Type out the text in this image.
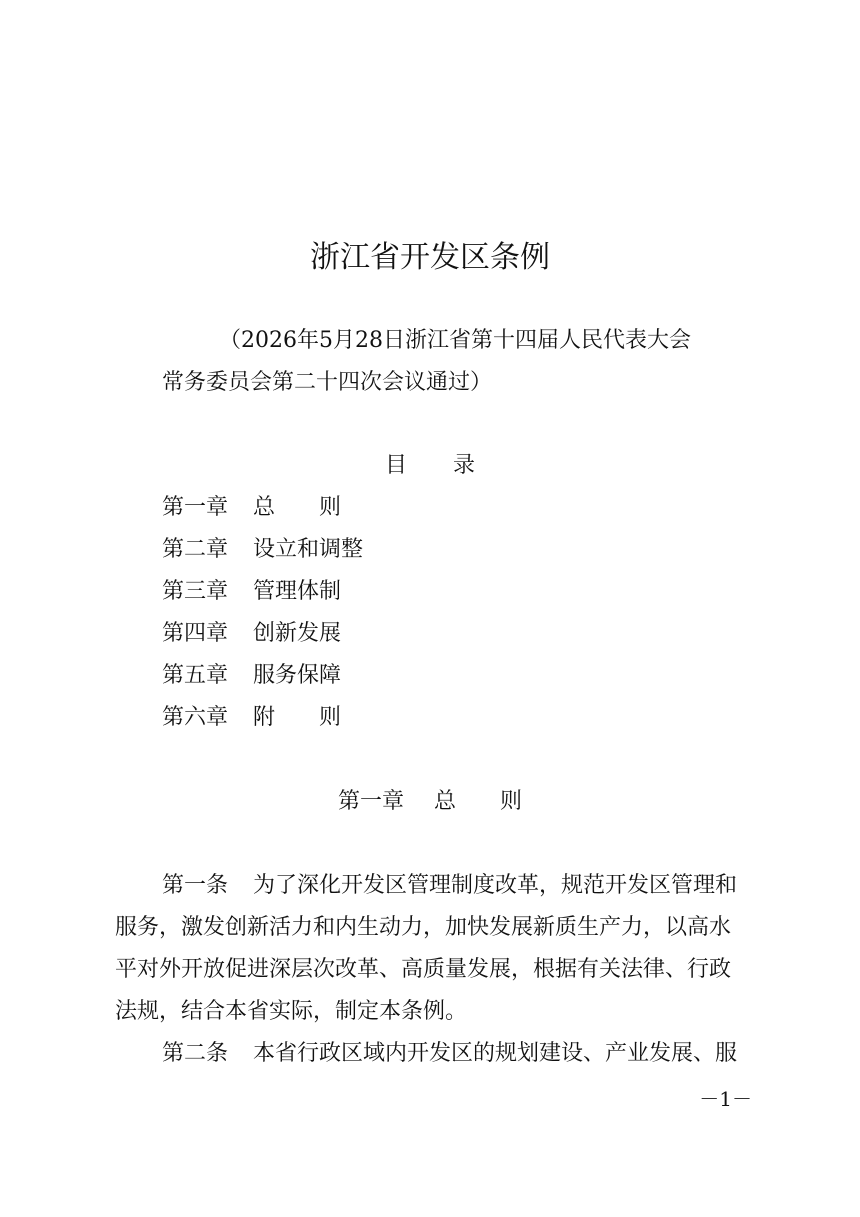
浙江省开发区条例
（2026年5月28日浙江省第十四届人民代表大会
常务委员会第二十四次会议通过）
目 录
第一章 总　　则
第二章 设立和调整
第三章 管理体制
第四章 创新发展
第五章 服务保障
第六章 附　　则
第一章 总　　则
第一条 为了深化开发区管理制度改革，规范开发区管理和
服务，激发创新活力和内生动力，加快发展新质生产力，以高水
平对外开放促进深层次改革、高质量发展，根据有关法律、行政
法规，结合本省实际，制定本条例。
第二条 本省行政区域内开发区的规划建设、产业发展、服
－1－
